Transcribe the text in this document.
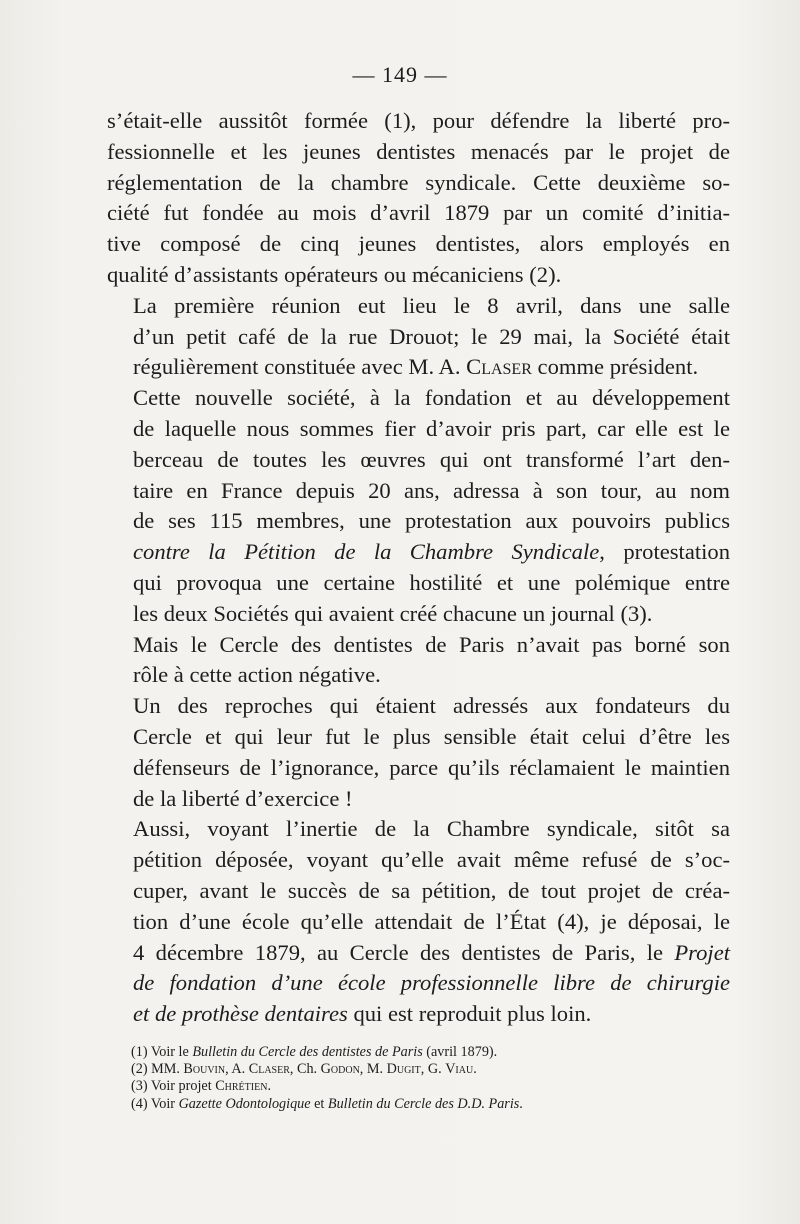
— 149 —

s’était-elle aussitôt formée (1), pour défendre la liberté pro-
fessionnelle et les jeunes dentistes menacés par le projet de
réglementation de la chambre syndicale. Cette deuxième so-
ciété fut fondée au mois d’avril 1879 par un comité d’initia-
tive composé de cinq jeunes dentistes, alors employés en
qualité d’assistants opérateurs ou mécaniciens (2).

La première réunion eut lieu le 8 avril, dans une salle
d’un petit café de la rue Drouot; le 29 mai, la Société était
régulièrement constituée avec M. A. Claser comme président.

Cette nouvelle société, à la fondation et au développement
de laquelle nous sommes fier d’avoir pris part, car elle est le
berceau de toutes les œuvres qui ont transformé l’art den-
taire en France depuis 20 ans, adressa à son tour, au nom
de ses 115 membres, une protestation aux pouvoirs publics
contre la Pétition de la Chambre Syndicale, protestation
qui provoqua une certaine hostilité et une polémique entre
les deux Sociétés qui avaient créé chacune un journal (3).

Mais le Cercle des dentistes de Paris n’avait pas borné son
rôle à cette action négative.

Un des reproches qui étaient adressés aux fondateurs du
Cercle et qui leur fut le plus sensible était celui d’être les
défenseurs de l’ignorance, parce qu’ils réclamaient le maintien
de la liberté d’exercice !

Aussi, voyant l’inertie de la Chambre syndicale, sitôt sa
pétition déposée, voyant qu’elle avait même refusé de s’oc-
cuper, avant le succès de sa pétition, de tout projet de créa-
tion d’une école qu’elle attendait de l’État (4), je déposai, le
4 décembre 1879, au Cercle des dentistes de Paris, le Projet
de fondation d’une école professionnelle libre de chirurgie
et de prothèse dentaires qui est reproduit plus loin.

(1) Voir le Bulletin du Cercle des dentistes de Paris (avril 1879).
(2) MM. Bouvin, A. Claser, Ch. Godon, M. Dugit, G. Viau.
(3) Voir projet Chrétien.
(4) Voir Gazette Odontologique et Bulletin du Cercle des D.D. Paris.
